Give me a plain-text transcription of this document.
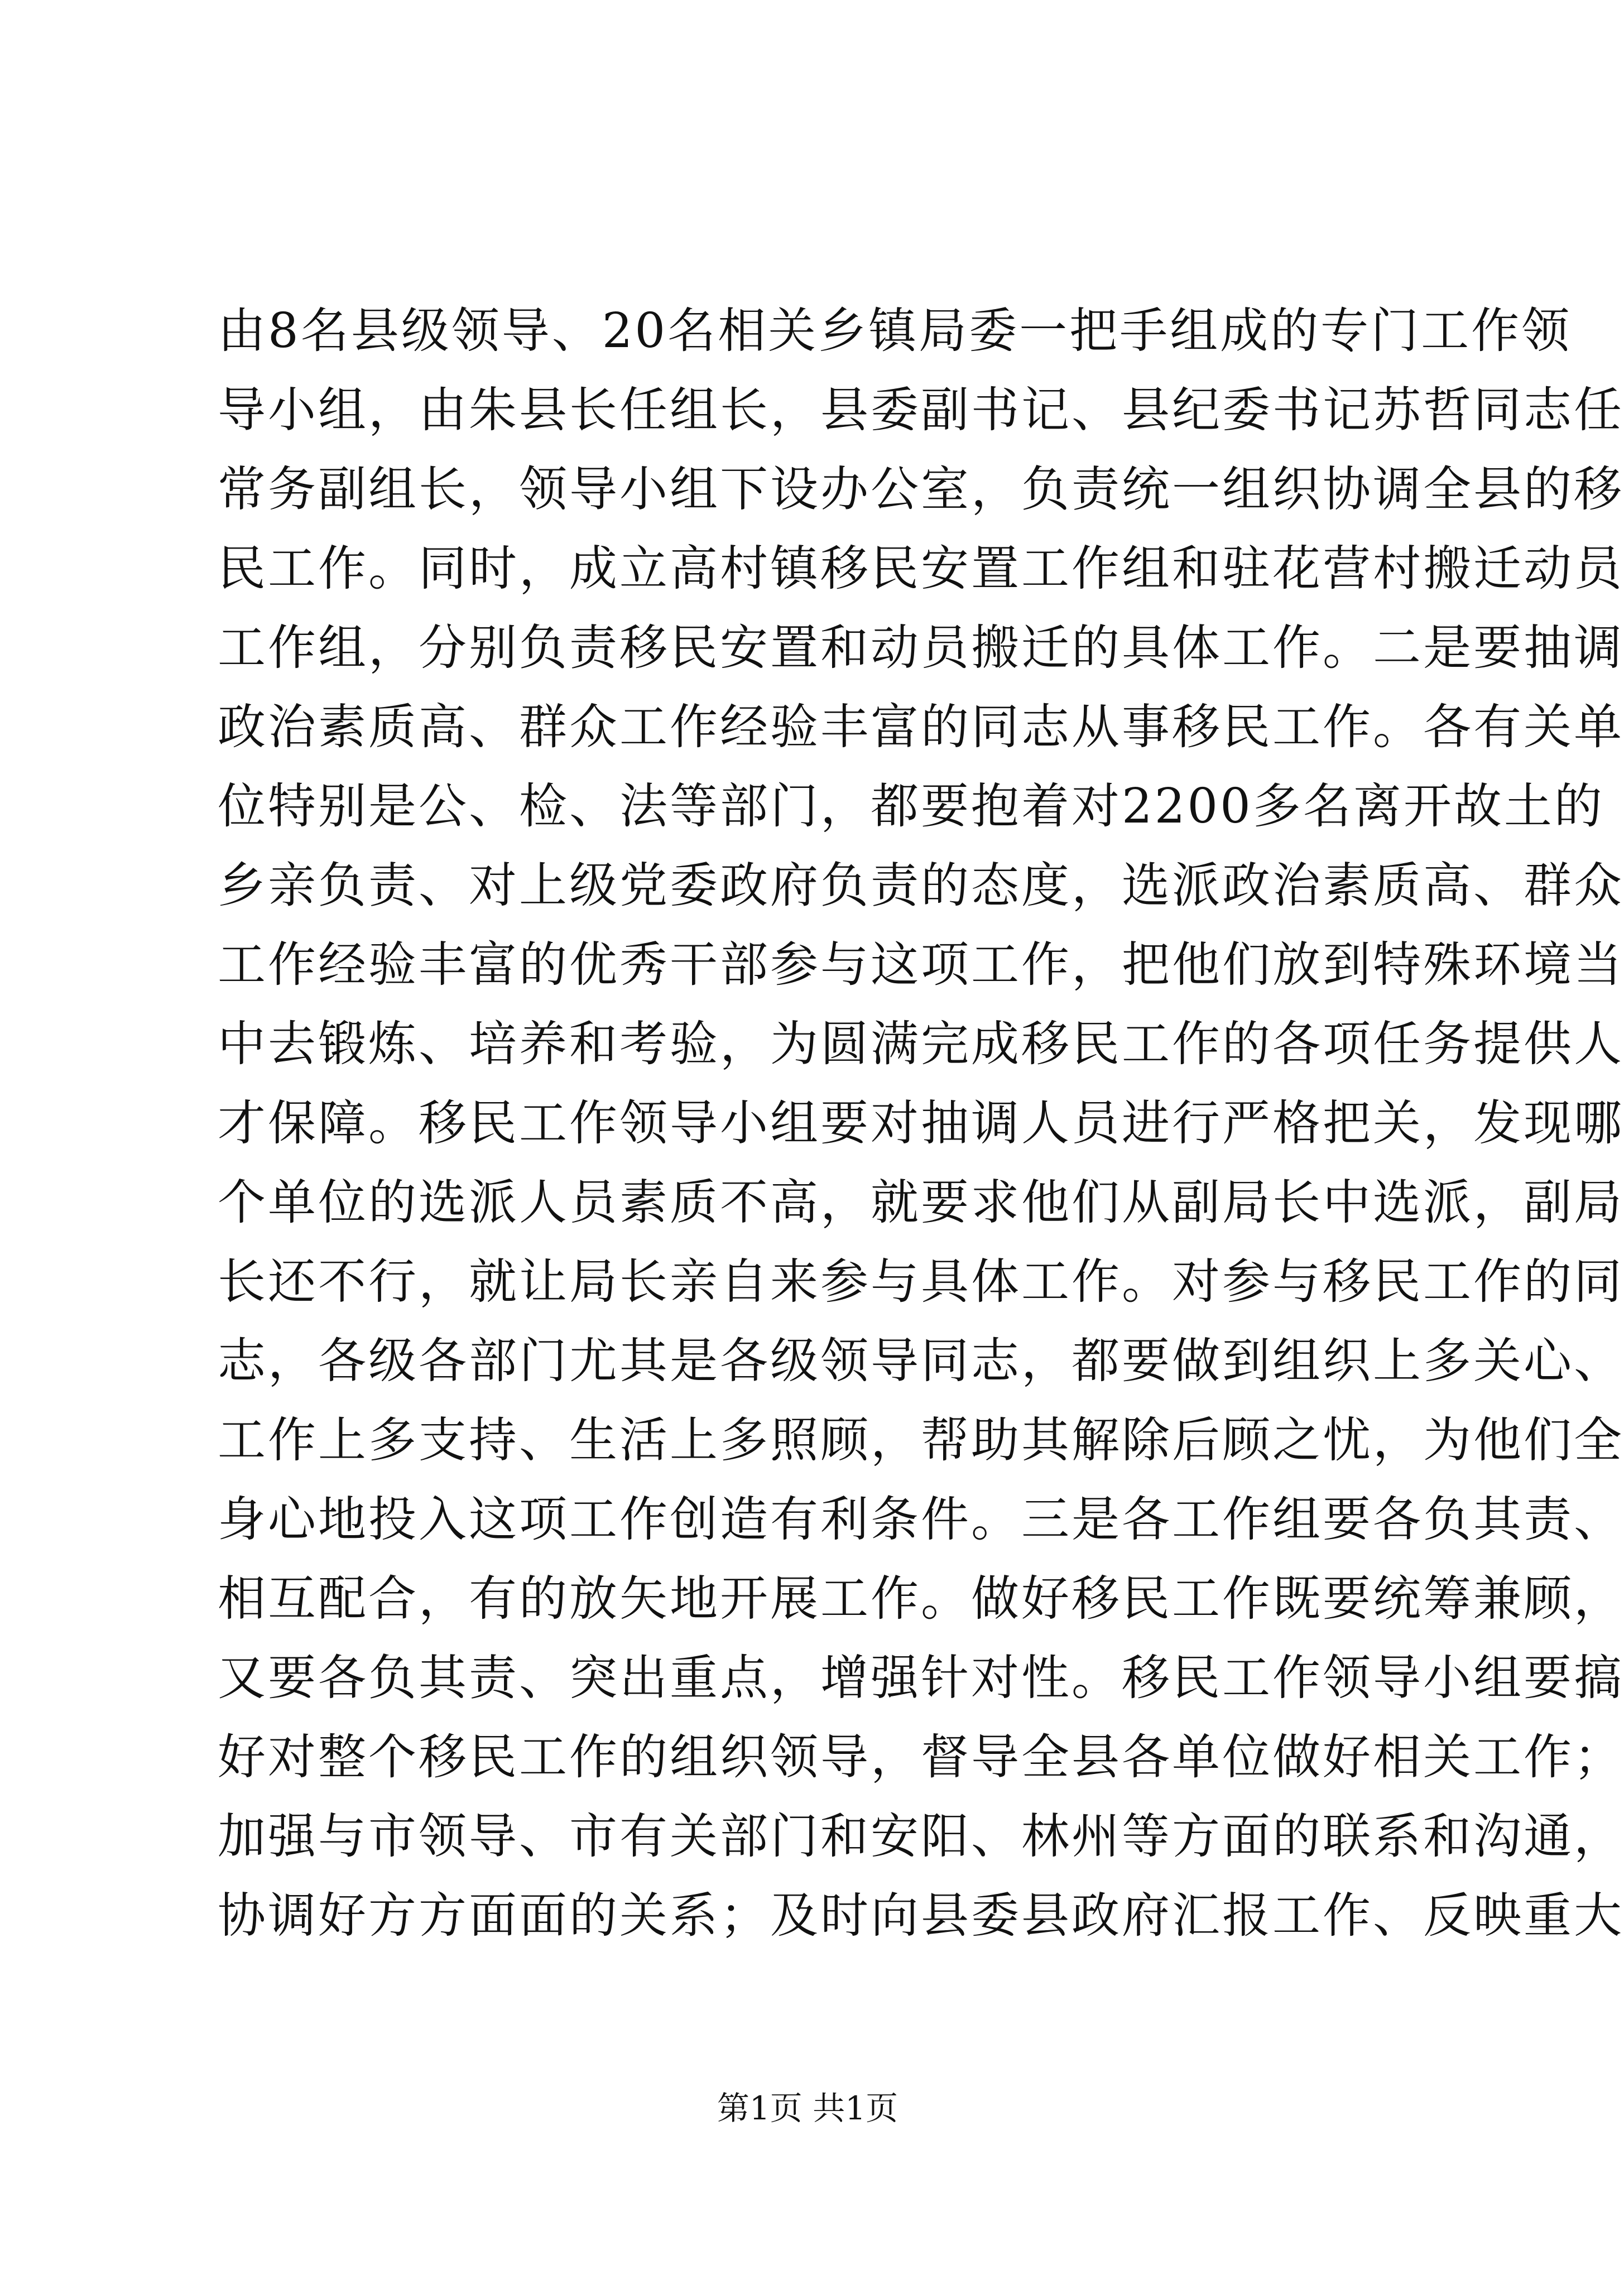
由8名县级领导、20名相关乡镇局委一把手组成的专门工作领
导小组，由朱县长任组长，县委副书记、县纪委书记苏哲同志任
常务副组长，领导小组下设办公室，负责统一组织协调全县的移
民工作。同时，成立高村镇移民安置工作组和驻花营村搬迁动员
工作组，分别负责移民安置和动员搬迁的具体工作。二是要抽调
政治素质高、群众工作经验丰富的同志从事移民工作。各有关单
位特别是公、检、法等部门，都要抱着对2200多名离开故土的
乡亲负责、对上级党委政府负责的态度，选派政治素质高、群众
工作经验丰富的优秀干部参与这项工作，把他们放到特殊环境当
中去锻炼、培养和考验，为圆满完成移民工作的各项任务提供人
才保障。移民工作领导小组要对抽调人员进行严格把关，发现哪
个单位的选派人员素质不高，就要求他们从副局长中选派，副局
长还不行，就让局长亲自来参与具体工作。对参与移民工作的同
志，各级各部门尤其是各级领导同志，都要做到组织上多关心、
工作上多支持、生活上多照顾，帮助其解除后顾之忧，为他们全
身心地投入这项工作创造有利条件。三是各工作组要各负其责、
相互配合，有的放矢地开展工作。做好移民工作既要统筹兼顾，
又要各负其责、突出重点，增强针对性。移民工作领导小组要搞
好对整个移民工作的组织领导，督导全县各单位做好相关工作；
加强与市领导、市有关部门和安阳、林州等方面的联系和沟通，
协调好方方面面的关系；及时向县委县政府汇报工作、反映重大
第1页 共1页
